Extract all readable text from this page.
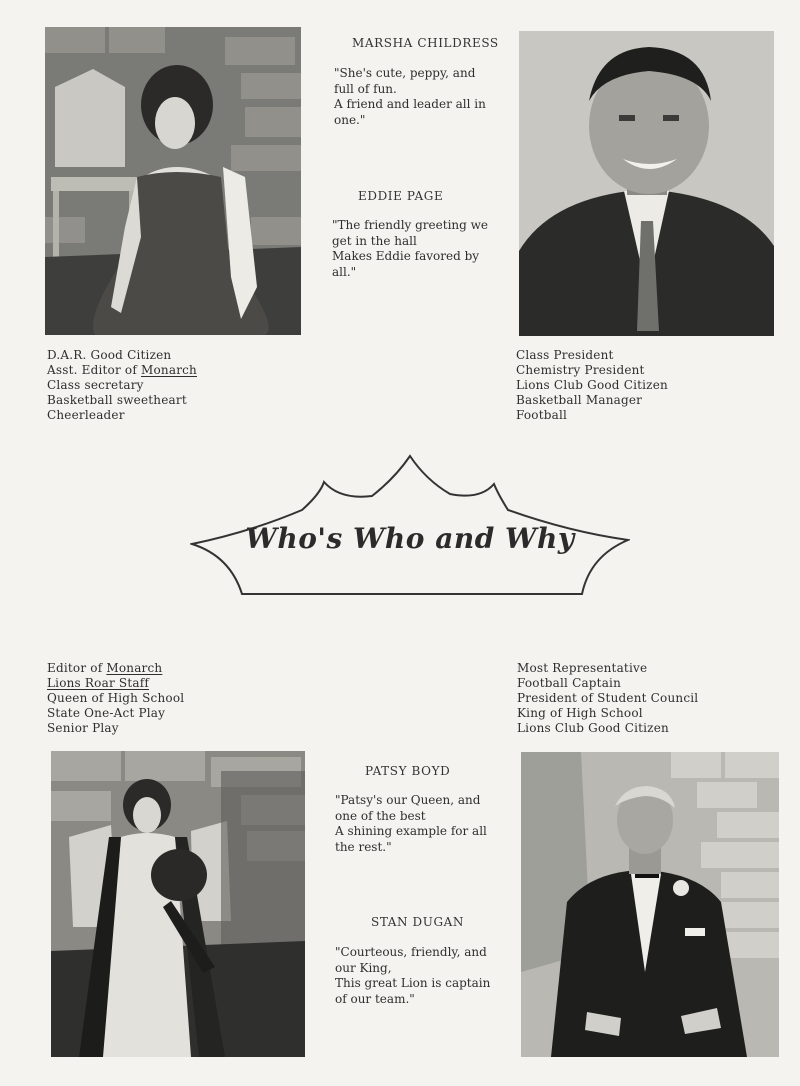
MARSHA CHILDRESS
"She's cute, peppy, and
full of fun.
A friend and leader all in
one."
EDDIE PAGE
"The friendly greeting we
get in the hall
Makes Eddie favored by
all."
D.A.R. Good Citizen
Asst. Editor of Monarch
Class secretary
Basketball sweetheart
Cheerleader
Class President
Chemistry President
Lions Club Good Citizen
Basketball Manager
Football
Who's Who and Why
Editor of Monarch
Lions Roar Staff
Queen of High School
State One-Act Play
Senior Play
Most Representative
Football Captain
President of Student Council
King of High School
Lions Club Good Citizen
PATSY BOYD
"Patsy's our Queen, and
one of the best
A shining example for all
the rest."
STAN DUGAN
"Courteous, friendly, and
our King,
This great Lion is captain
of our team."
